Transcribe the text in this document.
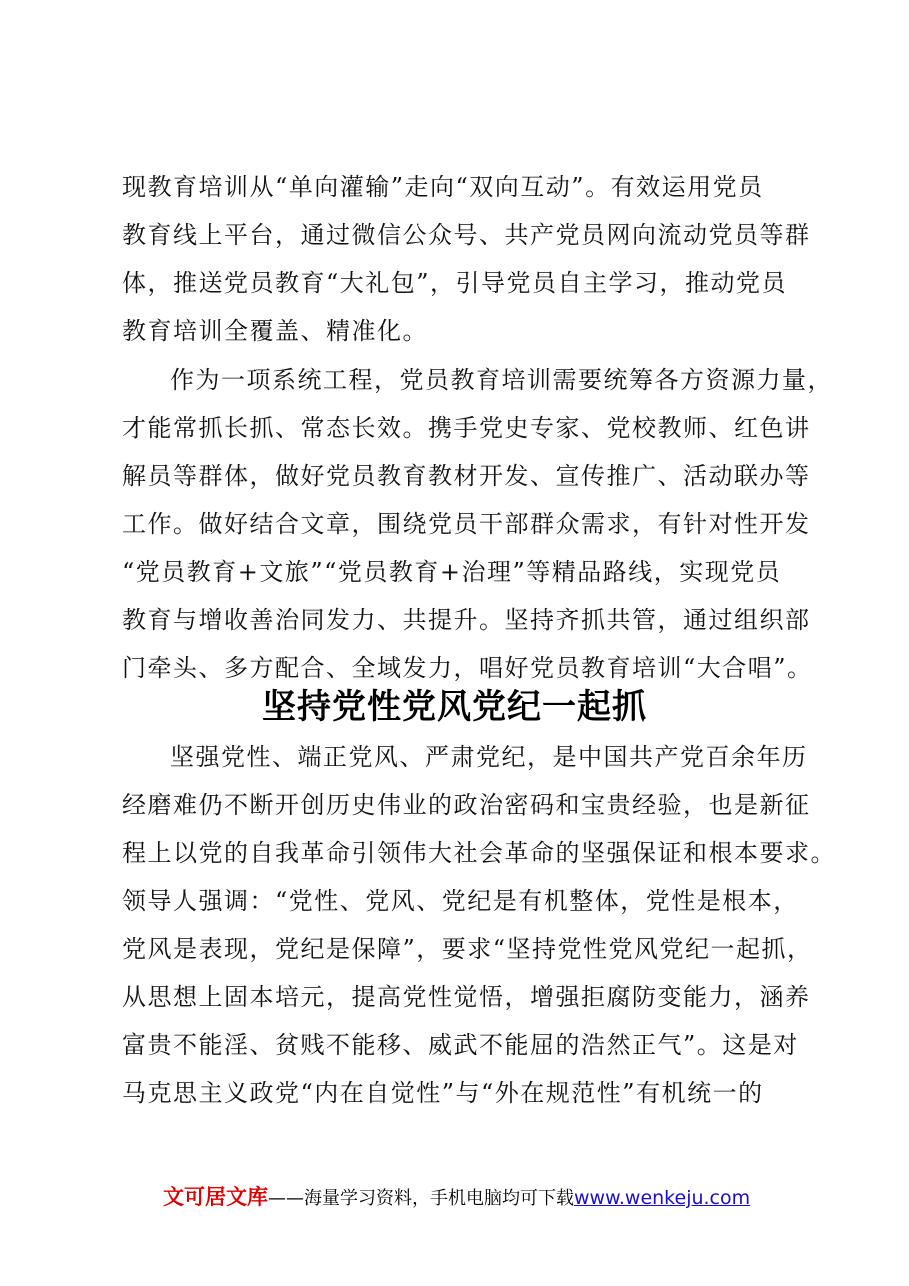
现教育培训从“单向灌输”走向“双向互动”。有效运用党员
教育线上平台，通过微信公众号、共产党员网向流动党员等群
体，推送党员教育“大礼包”，引导党员自主学习，推动党员
教育培训全覆盖、精准化。
作为一项系统工程，党员教育培训需要统筹各方资源力量，
才能常抓长抓、常态长效。携手党史专家、党校教师、红色讲
解员等群体，做好党员教育教材开发、宣传推广、活动联办等
工作。做好结合文章，围绕党员干部群众需求，有针对性开发
“党员教育+文旅”“党员教育+治理”等精品路线，实现党员
教育与增收善治同发力、共提升。坚持齐抓共管，通过组织部
门牵头、多方配合、全域发力，唱好党员教育培训“大合唱”。
坚持党性党风党纪一起抓
坚强党性、端正党风、严肃党纪，是中国共产党百余年历
经磨难仍不断开创历史伟业的政治密码和宝贵经验，也是新征
程上以党的自我革命引领伟大社会革命的坚强保证和根本要求。
领导人强调：“党性、党风、党纪是有机整体，党性是根本，
党风是表现，党纪是保障”，要求“坚持党性党风党纪一起抓，
从思想上固本培元，提高党性觉悟，增强拒腐防变能力，涵养
富贵不能淫、贫贱不能移、威武不能屈的浩然正气”。这是对
马克思主义政党“内在自觉性”与“外在规范性”有机统一的
文可居文库——海量学习资料，手机电脑均可下载www.wenkeju.com
